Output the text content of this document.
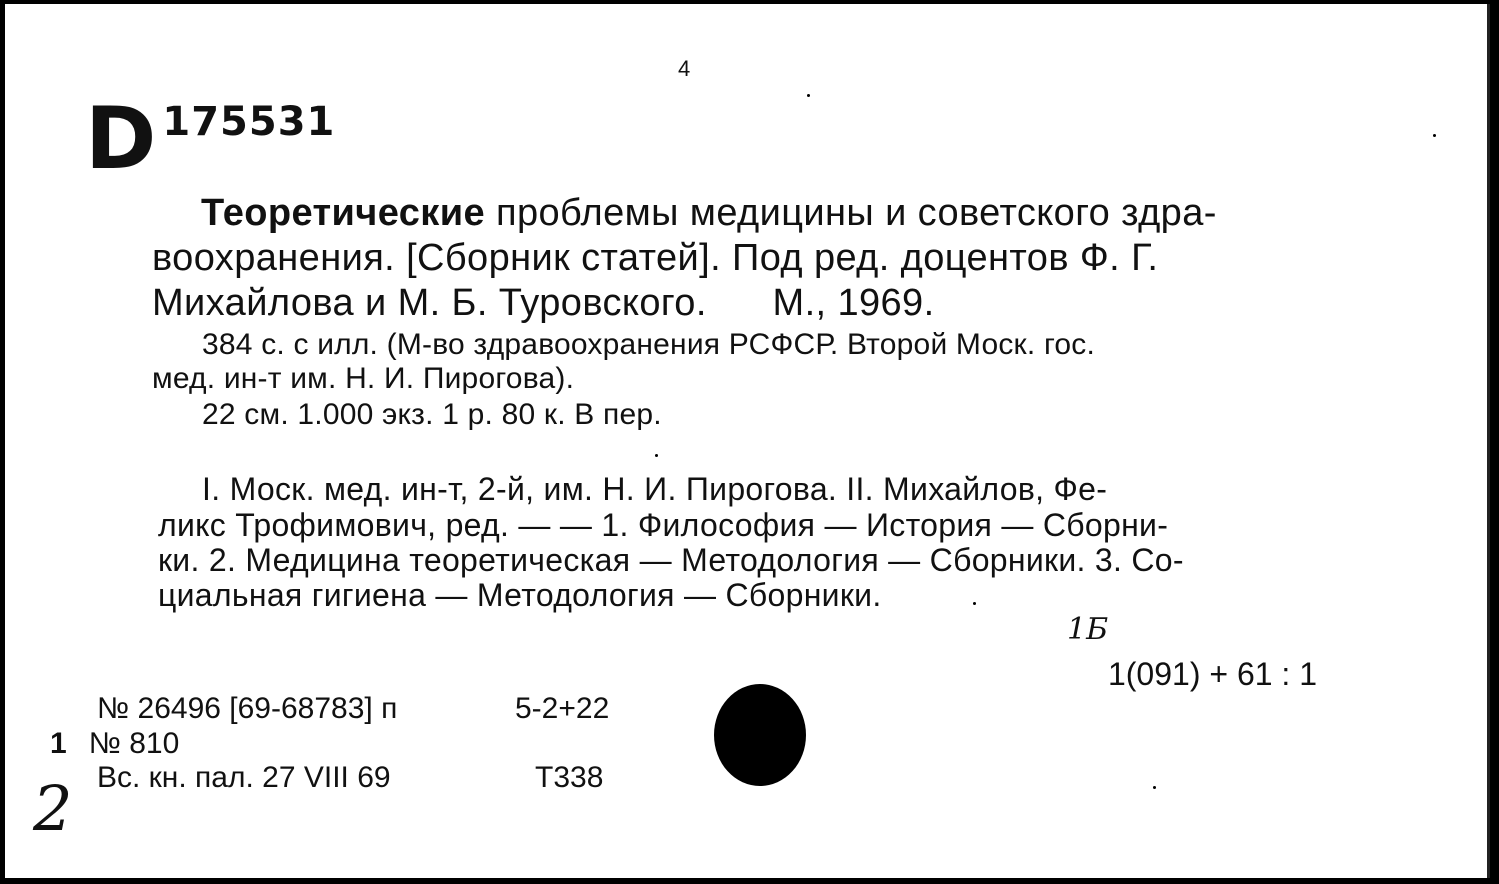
4
D 175531
Теоретические проблемы медицины и советского здра-
воохранения. [Сборник статей]. Под ред. доцентов Ф. Г.
Михайлова и М. Б. Туровского.      М., 1969.
384 с. с илл. (М-во здравоохранения РСФСР. Второй Моск. гос.
мед. ин-т им. Н. И. Пирогова).
22 см. 1.000 экз. 1 р. 80 к. В пер.
I. Моск. мед. ин-т, 2-й, им. Н. И. Пирогова. II. Михайлов, Фе-
ликс Трофимович, ред. — — 1. Философия — История — Сборни-
ки. 2. Медицина теоретическая — Методология — Сборники. 3. Со-
циальная гигиена — Методология — Сборники.
1Б
1(091) + 61 : 1
№ 26496 [69-68783] п	5-2+22
1 № 810
Вс. кн. пал. 27 VIII 69	Т338
2
